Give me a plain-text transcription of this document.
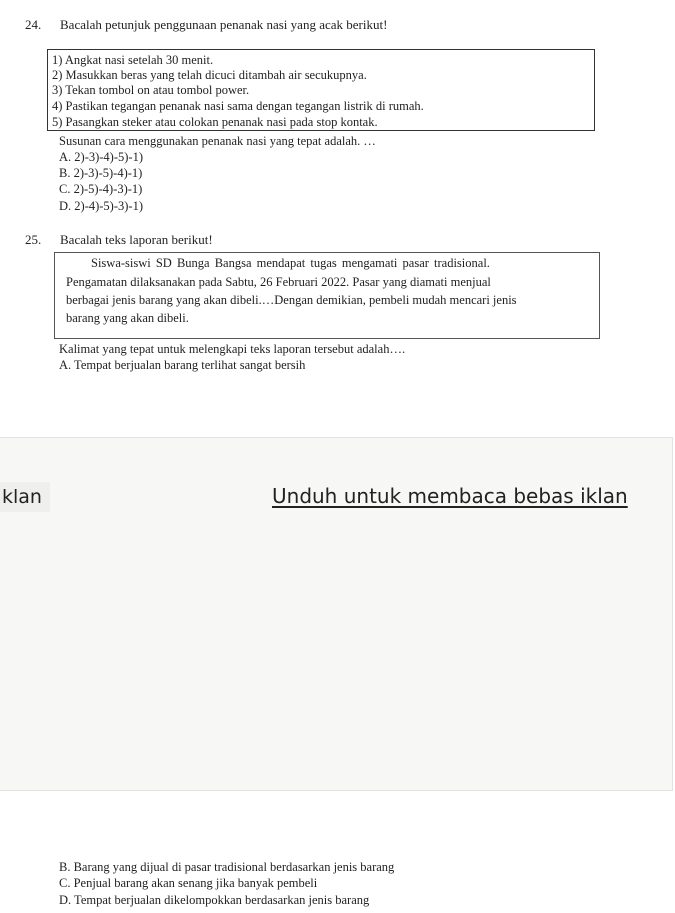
24. Bacalah petunjuk penggunaan penanak nasi yang acak berikut!
1) Angkat nasi setelah 30 menit.
2) Masukkan beras yang telah dicuci ditambah air secukupnya.
3) Tekan tombol on atau tombol power.
4) Pastikan tegangan penanak nasi sama dengan tegangan listrik di rumah.
5) Pasangkan steker atau colokan penanak nasi pada stop kontak.
Susunan cara menggunakan penanak nasi yang tepat adalah. …
A. 2)-3)-4)-5)-1)
B. 2)-3)-5)-4)-1)
C. 2)-5)-4)-3)-1)
D. 2)-4)-5)-3)-1)
25. Bacalah teks laporan berikut!
Siswa-siswi SD Bunga Bangsa mendapat tugas mengamati pasar tradisional.
Pengamatan dilaksanakan pada Sabtu, 26 Februari 2022. Pasar yang diamati menjual
berbagai jenis barang yang akan dibeli.…Dengan demikian, pembeli mudah mencari jenis
barang yang akan dibeli.
Kalimat yang tepat untuk melengkapi teks laporan tersebut adalah….
A. Tempat berjualan barang terlihat sangat bersih
klan	Unduh untuk membaca bebas iklan
B. Barang yang dijual di pasar tradisional berdasarkan jenis barang
C. Penjual barang akan senang jika banyak pembeli
D. Tempat berjualan dikelompokkan berdasarkan jenis barang
